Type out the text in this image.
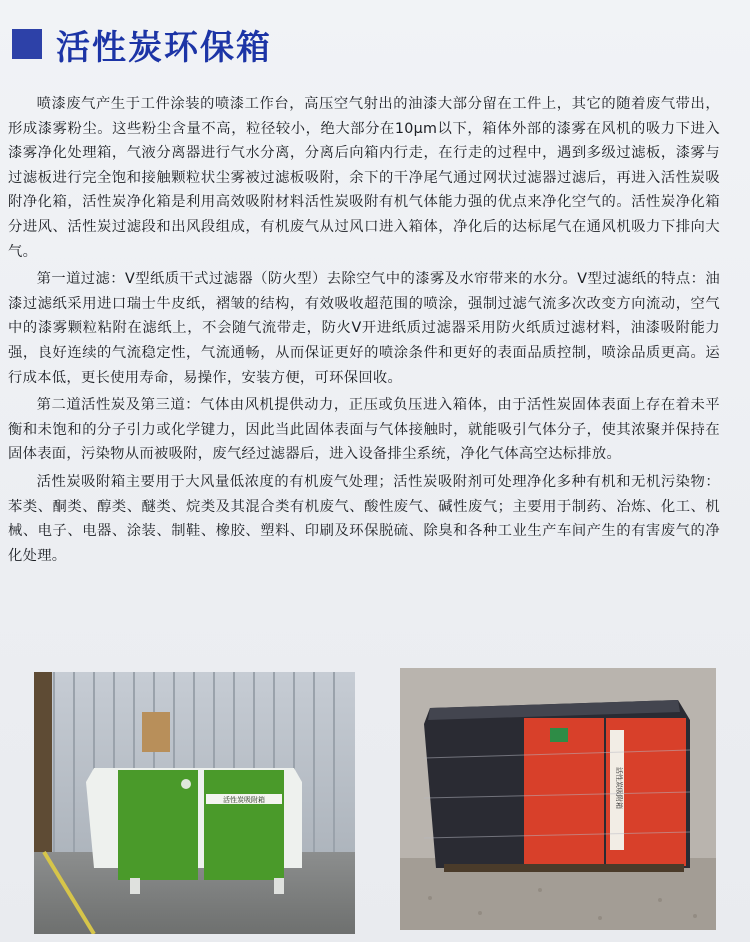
活性炭环保箱

喷漆废气产生于工件涂装的喷漆工作台，高压空气射出的油漆大部分留在工件上，其它的随着废气带出，形成漆雾粉尘。这些粉尘含量不高，粒径较小，绝大部分在10μm以下，箱体外部的漆雾在风机的吸力下进入漆雾净化处理箱，气液分离器进行气水分离，分离后向箱内行走，在行走的过程中，遇到多级过滤板，漆雾与过滤板进行完全饱和接触颗粒状尘雾被过滤板吸附，余下的干净尾气通过网状过滤器过滤后，再进入活性炭吸附净化箱，活性炭净化箱是利用高效吸附材料活性炭吸附有机气体能力强的优点来净化空气的。活性炭净化箱分进风、活性炭过滤段和出风段组成，有机废气从过风口进入箱体，净化后的达标尾气在通风机吸力下排向大气。

第一道过滤：V型纸质干式过滤器（防火型）去除空气中的漆雾及水帘带来的水分。V型过滤纸的特点：油漆过滤纸采用进口瑞士牛皮纸，褶皱的结构，有效吸收超范围的喷涂，强制过滤气流多次改变方向流动，空气中的漆雾颗粒粘附在滤纸上，不会随气流带走，防火V开进纸质过滤器采用防火纸质过滤材料，油漆吸附能力强，良好连续的气流稳定性，气流通畅，从而保证更好的喷涂条件和更好的表面品质控制，喷涂品质更高。运行成本低，更长使用寿命，易操作，安装方便，可环保回收。

第二道活性炭及第三道：气体由风机提供动力，正压或负压进入箱体，由于活性炭固体表面上存在着未平衡和未饱和的分子引力或化学键力，因此当此固体表面与气体接触时，就能吸引气体分子，使其浓聚并保持在固体表面，污染物从而被吸附，废气经过滤器后，进入设备排尘系统，净化气体高空达标排放。

活性炭吸附箱主要用于大风量低浓度的有机废气处理；活性炭吸附剂可处理净化多种有机和无机污染物：苯类、酮类、醇类、醚类、烷类及其混合类有机废气、酸性废气、碱性废气；主要用于制药、冶炼、化工、机械、电子、电器、涂装、制鞋、橡胶、塑料、印刷及环保脱硫、除臭和各种工业生产车间产生的有害废气的净化处理。

活性炭吸附箱	活性炭吸附箱
